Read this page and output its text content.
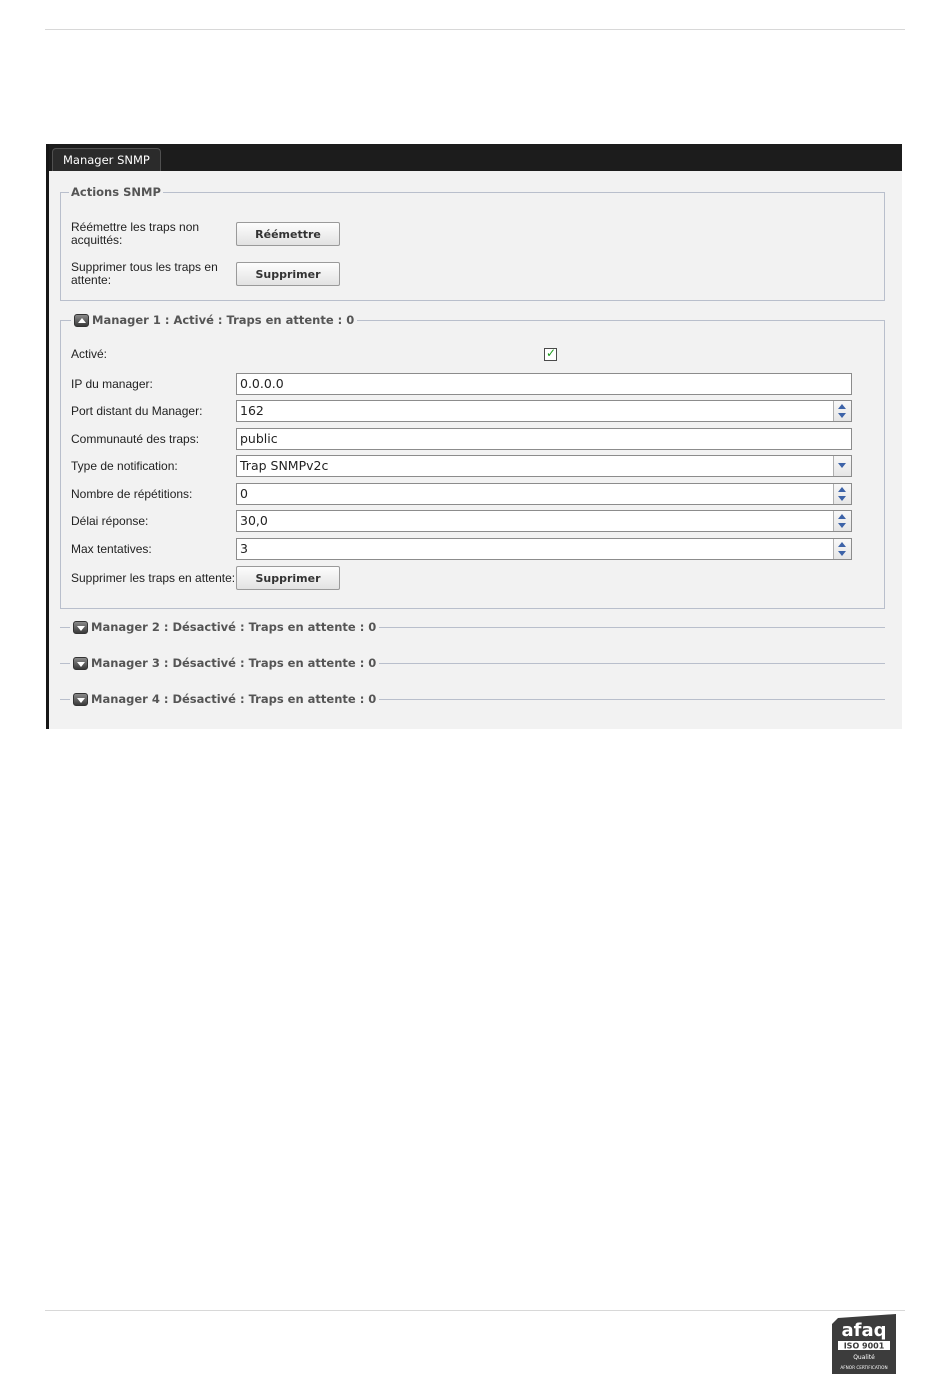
Manager SNMP
Actions SNMP
Réémettre les traps non acquittés:	Réémettre
Supprimer tous les traps en attente:	Supprimer
Manager 1 : Activé : Traps en attente : 0
Activé:	✓
IP du manager:	0.0.0.0
Port distant du Manager:	162
Communauté des traps:	public
Type de notification:	Trap SNMPv2c
Nombre de répétitions:	0
Délai réponse:	30,0
Max tentatives:	3
Supprimer les traps en attente:	Supprimer
Manager 2 : Désactivé : Traps en attente : 0
Manager 3 : Désactivé : Traps en attente : 0
Manager 4 : Désactivé : Traps en attente : 0
afaq
ISO 9001
Qualité
AFNOR CERTIFICATION
